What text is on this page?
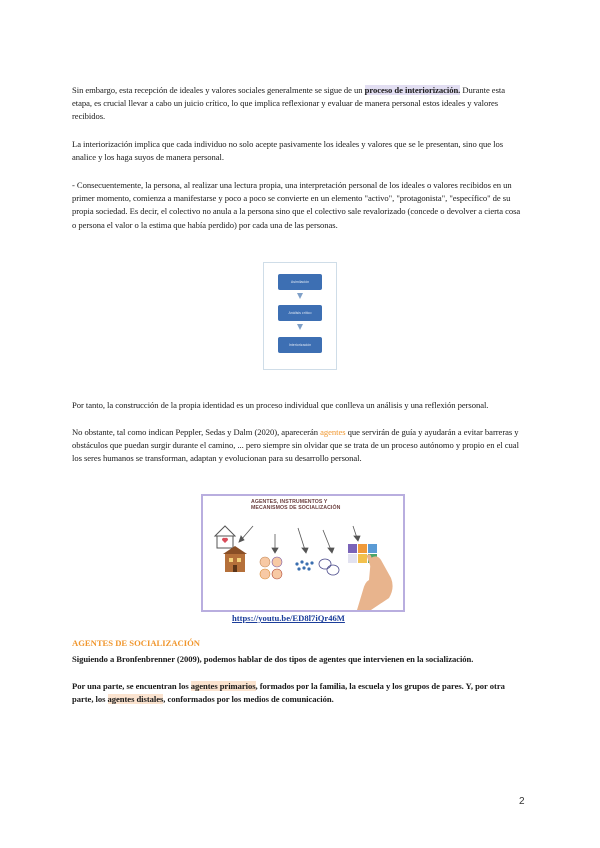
Sin embargo, esta recepción de ideales y valores sociales generalmente se sigue de un proceso de interiorización. Durante esta etapa, es crucial llevar a cabo un juicio crítico, lo que implica reflexionar y evaluar de manera personal estos ideales y valores recibidos.

La interiorización implica que cada individuo no solo acepte pasivamente los ideales y valores que se le presentan, sino que los analice y los haga suyos de manera personal.

- Consecuentemente, la persona, al realizar una lectura propia, una interpretación personal de los ideales o valores recibidos en un primer momento, comienza a manifestarse y poco a poco se convierte en un elemento "activo", "protagonista", "específico" de su propia sociedad. Es decir, el colectivo no anula a la persona sino que el colectivo sale revalorizado (concede o devolver a cierta cosa o persona el valor o la estima que había perdido) por cada una de las personas.

Asimilación
Análisis crítico
Interiorización

Por tanto, la construcción de la propia identidad es un proceso individual que conlleva un análisis y una reflexión personal.

No obstante, tal como indican Peppler, Sedas y Dalm (2020), aparecerán agentes que servirán de guía y ayudarán a evitar barreras y obstáculos que puedan surgir durante el camino, ... pero siempre sin olvidar que se trata de un proceso autónomo y propio en el cual los seres humanos se transforman, adaptan y evolucionan para su desarrollo personal.

AGENTES, INSTRUMENTOS Y MECANISMOS DE SOCIALIZACIÓN
https://youtu.be/ED8l7iQr46M
AGENTES DE SOCIALIZACIÓN

Siguiendo a Bronfenbrenner (2009), podemos hablar de dos tipos de agentes que intervienen en la socialización.

Por una parte, se encuentran los agentes primarios, formados por la familia, la escuela y los grupos de pares. Y, por otra parte, los agentes distales, conformados por los medios de comunicación.

2
